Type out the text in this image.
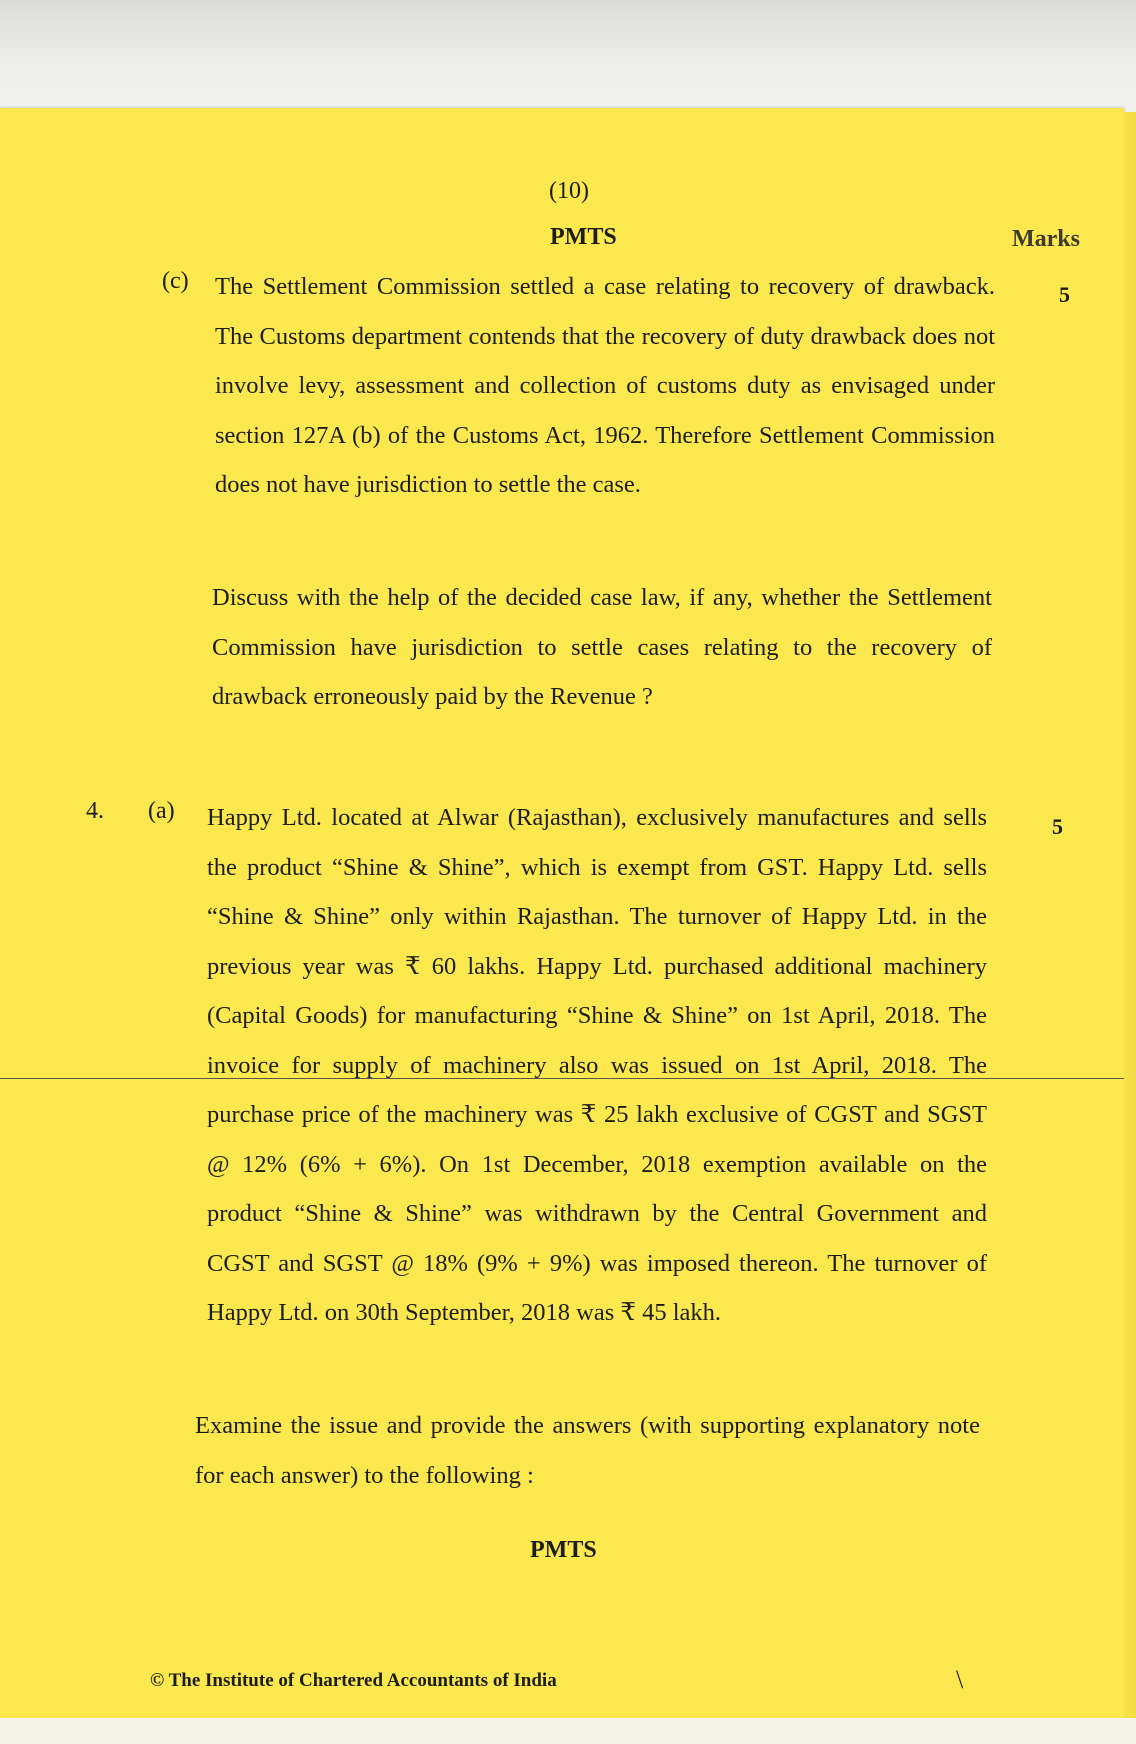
(10)
PMTS	Marks
(c)
5

The Settlement Commission settled a case relating to recovery of drawback. The Customs department contends that the recovery of duty drawback does not involve levy, assessment and collection of customs duty as envisaged under section 127A (b) of the Customs Act, 1962. Therefore Settlement Commission does not have jurisdiction to settle the case.

Discuss with the help of the decided case law, if any, whether the Settlement Commission have jurisdiction to settle cases relating to the recovery of drawback erroneously paid by the Revenue ?

4. (a)
5

Happy Ltd. located at Alwar (Rajasthan), exclusively manufactures and sells the product “Shine & Shine”, which is exempt from GST. Happy Ltd. sells “Shine & Shine” only within Rajasthan. The turnover of Happy Ltd. in the previous year was ₹ 60 lakhs. Happy Ltd. purchased additional machinery (Capital Goods) for manufacturing “Shine & Shine” on 1st April, 2018. The invoice for supply of machinery also was issued on 1st April, 2018. The purchase price of the machinery was ₹ 25 lakh exclusive of CGST and SGST @ 12% (6% + 6%). On 1st December, 2018 exemption available on the product “Shine & Shine” was withdrawn by the Central Government and CGST and SGST @ 18% (9% + 9%) was imposed thereon. The turnover of Happy Ltd. on 30th September, 2018 was ₹ 45 lakh.

Examine the issue and provide the answers (with supporting explanatory note for each answer) to the following :

PMTS
© The Institute of Chartered Accountants of India	\
